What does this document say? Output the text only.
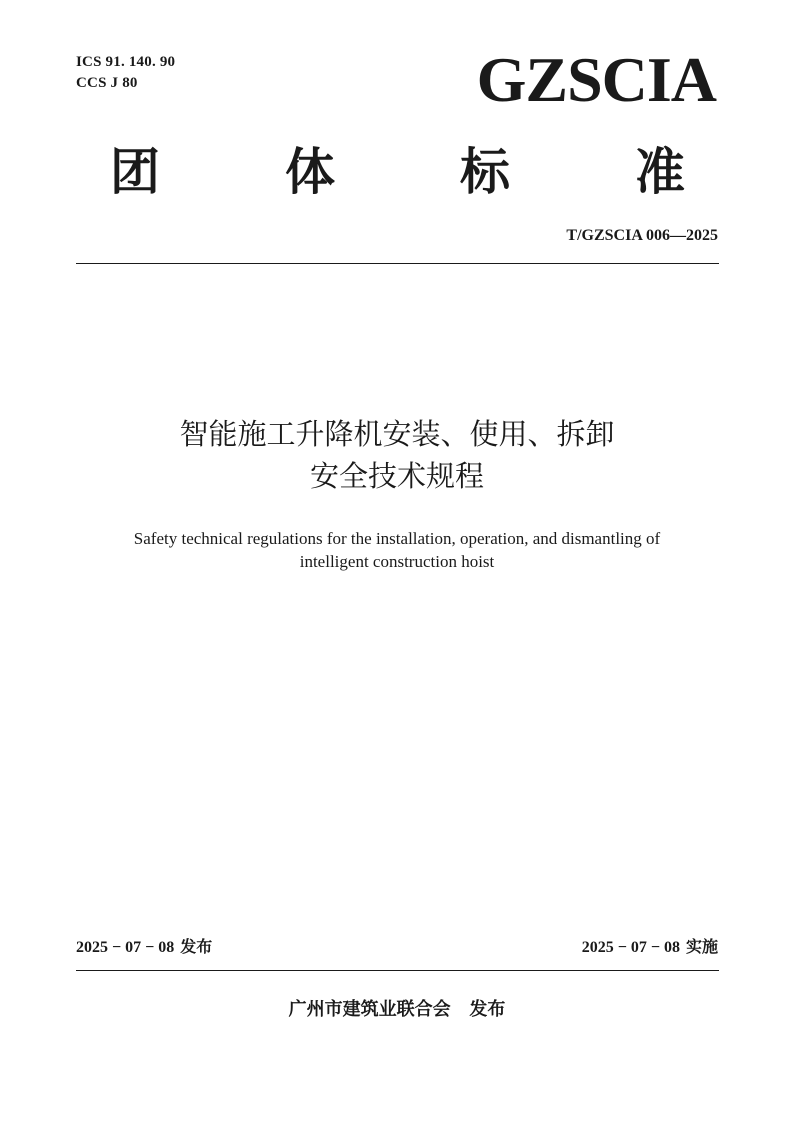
ICS 91. 140. 90
CCS J 80	GZSCIA
团	体	标	准
T/GZSCIA 006—2025
智能施工升降机安装、使用、拆卸
安全技术规程
Safety technical regulations for the installation, operation, and dismantling of
intelligent construction hoist
2025 − 07 − 08 发布	2025 − 07 − 08 实施
广州市建筑业联合会   发布
